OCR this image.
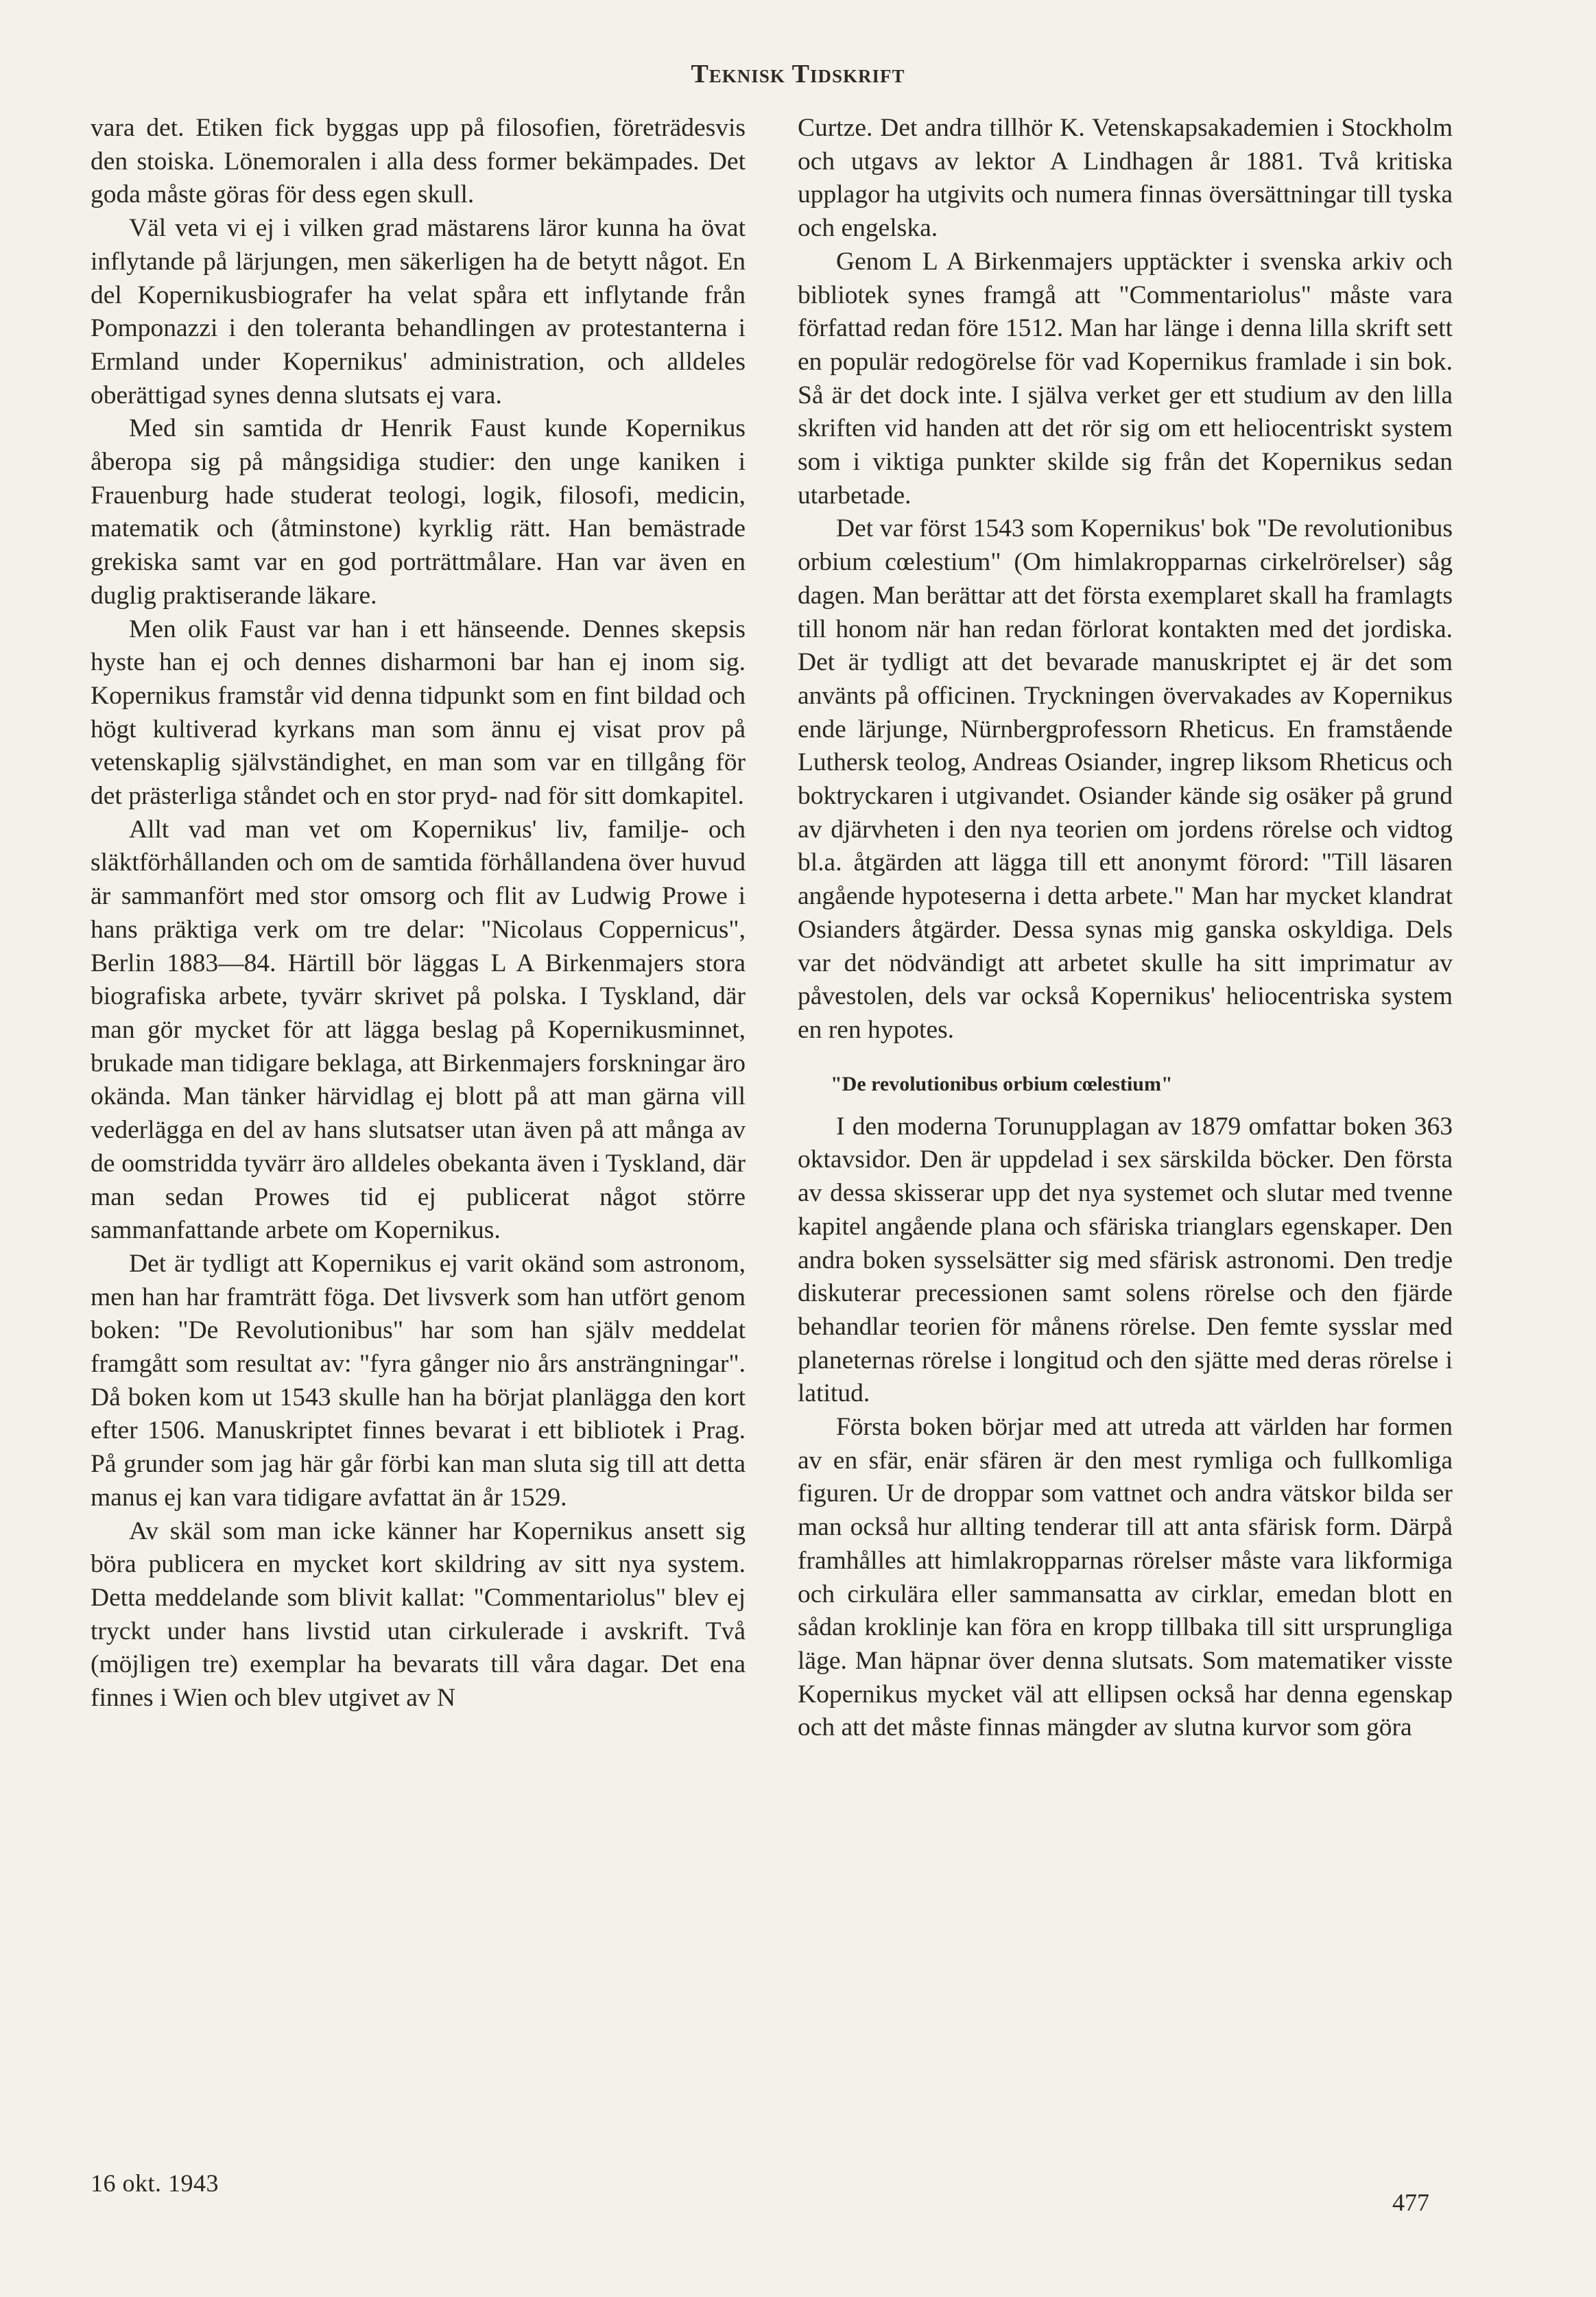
Teknisk Tidskrift

vara det. Etiken fick byggas upp på filosofien, företrädesvis den stoiska. Lönemoralen i alla dess former bekämpades. Det goda måste göras för dess egen skull.

Väl veta vi ej i vilken grad mästarens läror kunna ha övat inflytande på lärjungen, men säkerligen ha de betytt något. En del Kopernikusbiografer ha velat spåra ett inflytande från Pomponazzi i den toleranta behandlingen av protestanterna i Ermland under Kopernikus' administration, och alldeles oberättigad synes denna slutsats ej vara.

Med sin samtida dr Henrik Faust kunde Kopernikus åberopa sig på mångsidiga studier: den unge kaniken i Frauenburg hade studerat teologi, logik, filosofi, medicin, matematik och (åtminstone) kyrklig rätt. Han bemästrade grekiska samt var en god porträttmålare. Han var även en duglig praktiserande läkare.

Men olik Faust var han i ett hänseende. Dennes skepsis hyste han ej och dennes disharmoni bar han ej inom sig. Kopernikus framstår vid denna tidpunkt som en fint bildad och högt kultiverad kyrkans man som ännu ej visat prov på vetenskaplig självständighet, en man som var en tillgång för det prästerliga ståndet och en stor pryd- nad för sitt domkapitel.

Allt vad man vet om Kopernikus' liv, familje- och släktförhållanden och om de samtida förhållandena över huvud är sammanfört med stor omsorg och flit av Ludwig Prowe i hans präktiga verk om tre delar: "Nicolaus Coppernicus", Berlin 1883—84. Härtill bör läggas L A Birkenmajers stora biografiska arbete, tyvärr skrivet på polska. I Tyskland, där man gör mycket för att lägga beslag på Kopernikusminnet, brukade man tidigare beklaga, att Birkenmajers forskningar äro okända. Man tänker härvidlag ej blott på att man gärna vill vederlägga en del av hans slutsatser utan även på att många av de oomstridda tyvärr äro alldeles obekanta även i Tyskland, där man sedan Prowes tid ej publicerat något större sammanfattande arbete om Kopernikus.

Det är tydligt att Kopernikus ej varit okänd som astronom, men han har framträtt föga. Det livsverk som han utfört genom boken: "De Revolutionibus" har som han själv meddelat framgått som resultat av: "fyra gånger nio års ansträngningar". Då boken kom ut 1543 skulle han ha börjat planlägga den kort efter 1506. Manuskriptet finnes bevarat i ett bibliotek i Prag. På grunder som jag här går förbi kan man sluta sig till att detta manus ej kan vara tidigare avfattat än år 1529.

Av skäl som man icke känner har Kopernikus ansett sig böra publicera en mycket kort skildring av sitt nya system. Detta meddelande som blivit kallat: "Commentariolus" blev ej tryckt under hans livstid utan cirkulerade i avskrift. Två (möjligen tre) exemplar ha bevarats till våra dagar. Det ena finnes i Wien och blev utgivet av N

Curtze. Det andra tillhör K. Vetenskapsakademien i Stockholm och utgavs av lektor A Lindhagen år 1881. Två kritiska upplagor ha utgivits och numera finnas översättningar till tyska och engelska.

Genom L A Birkenmajers upptäckter i svenska arkiv och bibliotek synes framgå att "Commentariolus" måste vara författad redan före 1512. Man har länge i denna lilla skrift sett en populär redogörelse för vad Kopernikus framlade i sin bok. Så är det dock inte. I själva verket ger ett studium av den lilla skriften vid handen att det rör sig om ett heliocentriskt system som i viktiga punkter skilde sig från det Kopernikus sedan utarbetade.

Det var först 1543 som Kopernikus' bok "De revolutionibus orbium cœlestium" (Om himlakropparnas cirkelrörelser) såg dagen. Man berättar att det första exemplaret skall ha framlagts till honom när han redan förlorat kontakten med det jordiska. Det är tydligt att det bevarade manuskriptet ej är det som använts på officinen. Tryckningen övervakades av Kopernikus ende lärjunge, Nürnbergprofessorn Rheticus. En framstående Luthersk teolog, Andreas Osiander, ingrep liksom Rheticus och boktryckaren i utgivandet. Osiander kände sig osäker på grund av djärvheten i den nya teorien om jordens rörelse och vidtog bl.a. åtgärden att lägga till ett anonymt förord: "Till läsaren angående hypoteserna i detta arbete." Man har mycket klandrat Osianders åtgärder. Dessa synas mig ganska oskyldiga. Dels var det nödvändigt att arbetet skulle ha sitt imprimatur av påvestolen, dels var också Kopernikus' heliocentriska system en ren hypotes.

"De revolutionibus orbium cœlestium"

I den moderna Torunupplagan av 1879 omfattar boken 363 oktavsidor. Den är uppdelad i sex särskilda böcker. Den första av dessa skisserar upp det nya systemet och slutar med tvenne kapitel angående plana och sfäriska trianglars egenskaper. Den andra boken sysselsätter sig med sfärisk astronomi. Den tredje diskuterar precessionen samt solens rörelse och den fjärde behandlar teorien för månens rörelse. Den femte sysslar med planeternas rörelse i longitud och den sjätte med deras rörelse i latitud.

Första boken börjar med att utreda att världen har formen av en sfär, enär sfären är den mest rymliga och fullkomliga figuren. Ur de droppar som vattnet och andra vätskor bilda ser man också hur allting tenderar till att anta sfärisk form. Därpå framhålles att himlakropparnas rörelser måste vara likformiga och cirkulära eller sammansatta av cirklar, emedan blott en sådan kroklinje kan föra en kropp tillbaka till sitt ursprungliga läge. Man häpnar över denna slutsats. Som matematiker visste Kopernikus mycket väl att ellipsen också har denna egenskap och att det måste finnas mängder av slutna kurvor som göra

16 okt. 1943
477
